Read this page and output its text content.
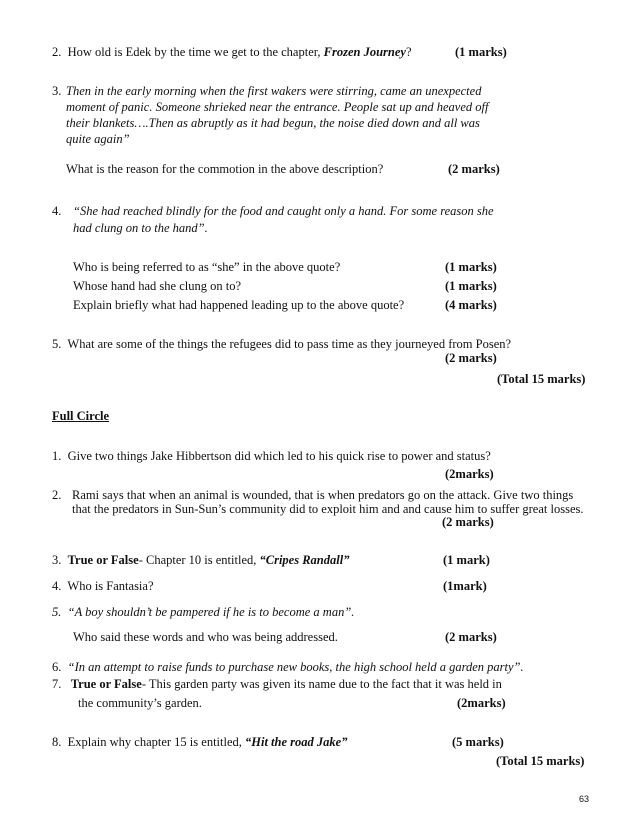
2. How old is Edek by the time we get to the chapter, Frozen Journey?	(1 marks)
3. Then in the early morning when the first wakers were stirring, came an unexpected
moment of panic. Someone shrieked near the entrance. People sat up and heaved off
their blankets….Then as abruptly as it had begun, the noise died down and all was
quite again”
What is the reason for the commotion in the above description?	(2 marks)
4. “She had reached blindly for the food and caught only a hand. For some reason she
had clung on to the hand”.
Who is being referred to as “she” in the above quote?	(1 marks)
Whose hand had she clung on to?	(1 marks)
Explain briefly what had happened leading up to the above quote?	(4 marks)
5. What are some of the things the refugees did to pass time as they journeyed from Posen?
(2 marks)
(Total 15 marks)
Full Circle
1. Give two things Jake Hibbertson did which led to his quick rise to power and status?
(2marks)
2. Rami says that when an animal is wounded, that is when predators go on the attack. Give two things
that the predators in Sun-Sun’s community did to exploit him and and cause him to suffer great losses.
(2 marks)
3. True or False- Chapter 10 is entitled, “Cripes Randall”	(1 mark)
4. Who is Fantasia?	(1mark)
5. “A boy shouldn’t be pampered if he is to become a man”.
Who said these words and who was being addressed.	(2 marks)
6. “In an attempt to raise funds to purchase new books, the high school held a garden party”.
7. True or False- This garden party was given its name due to the fact that it was held in
the community’s garden.	(2marks)
8. Explain why chapter 15 is entitled, “Hit the road Jake”	(5 marks)
(Total 15 marks)
63
